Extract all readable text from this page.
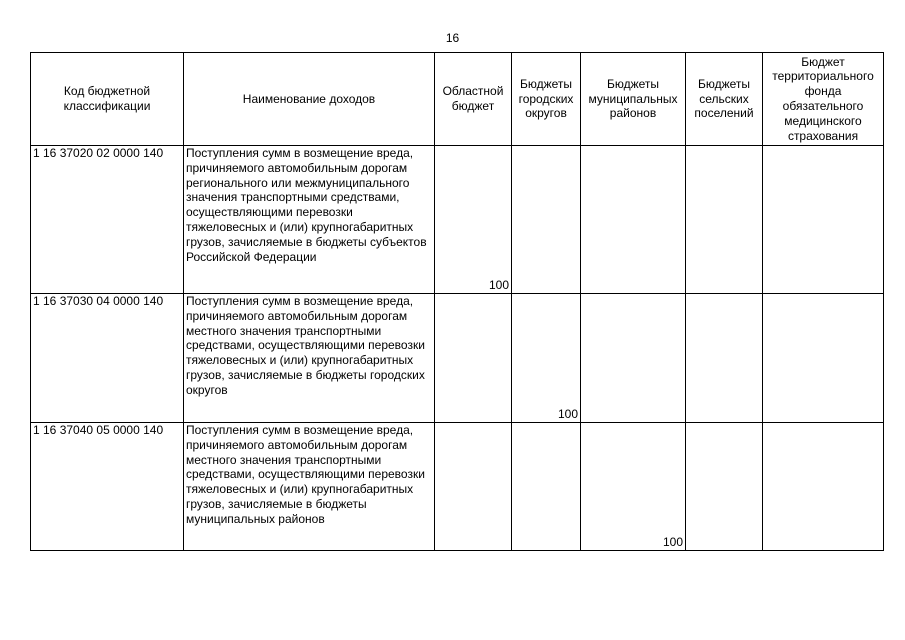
16
Код бюджетной классификации	Наименование доходов	Областной бюджет	Бюджеты городских округов	Бюджеты муниципальных районов	Бюджеты сельских поселений	Бюджет территориального фонда обязательного медицинского страхования
1 16 37020 02 0000 140	Поступления сумм в возмещение вреда, причиняемого автомобильным дорогам регионального или межмуниципального значения транспортными средствами, осуществляющими перевозки тяжеловесных и (или) крупногабаритных грузов, зачисляемые в бюджеты субъектов Российской Федерации	100				
1 16 37030 04 0000 140	Поступления сумм в возмещение вреда, причиняемого автомобильным дорогам местного значения транспортными средствами, осуществляющими перевозки тяжеловесных и (или) крупногабаритных грузов, зачисляемые в бюджеты городских округов		100			
1 16 37040 05 0000 140	Поступления сумм в возмещение вреда, причиняемого автомобильным дорогам местного значения транспортными средствами, осуществляющими перевозки тяжеловесных и (или) крупногабаритных грузов, зачисляемые в бюджеты муниципальных районов			100		
